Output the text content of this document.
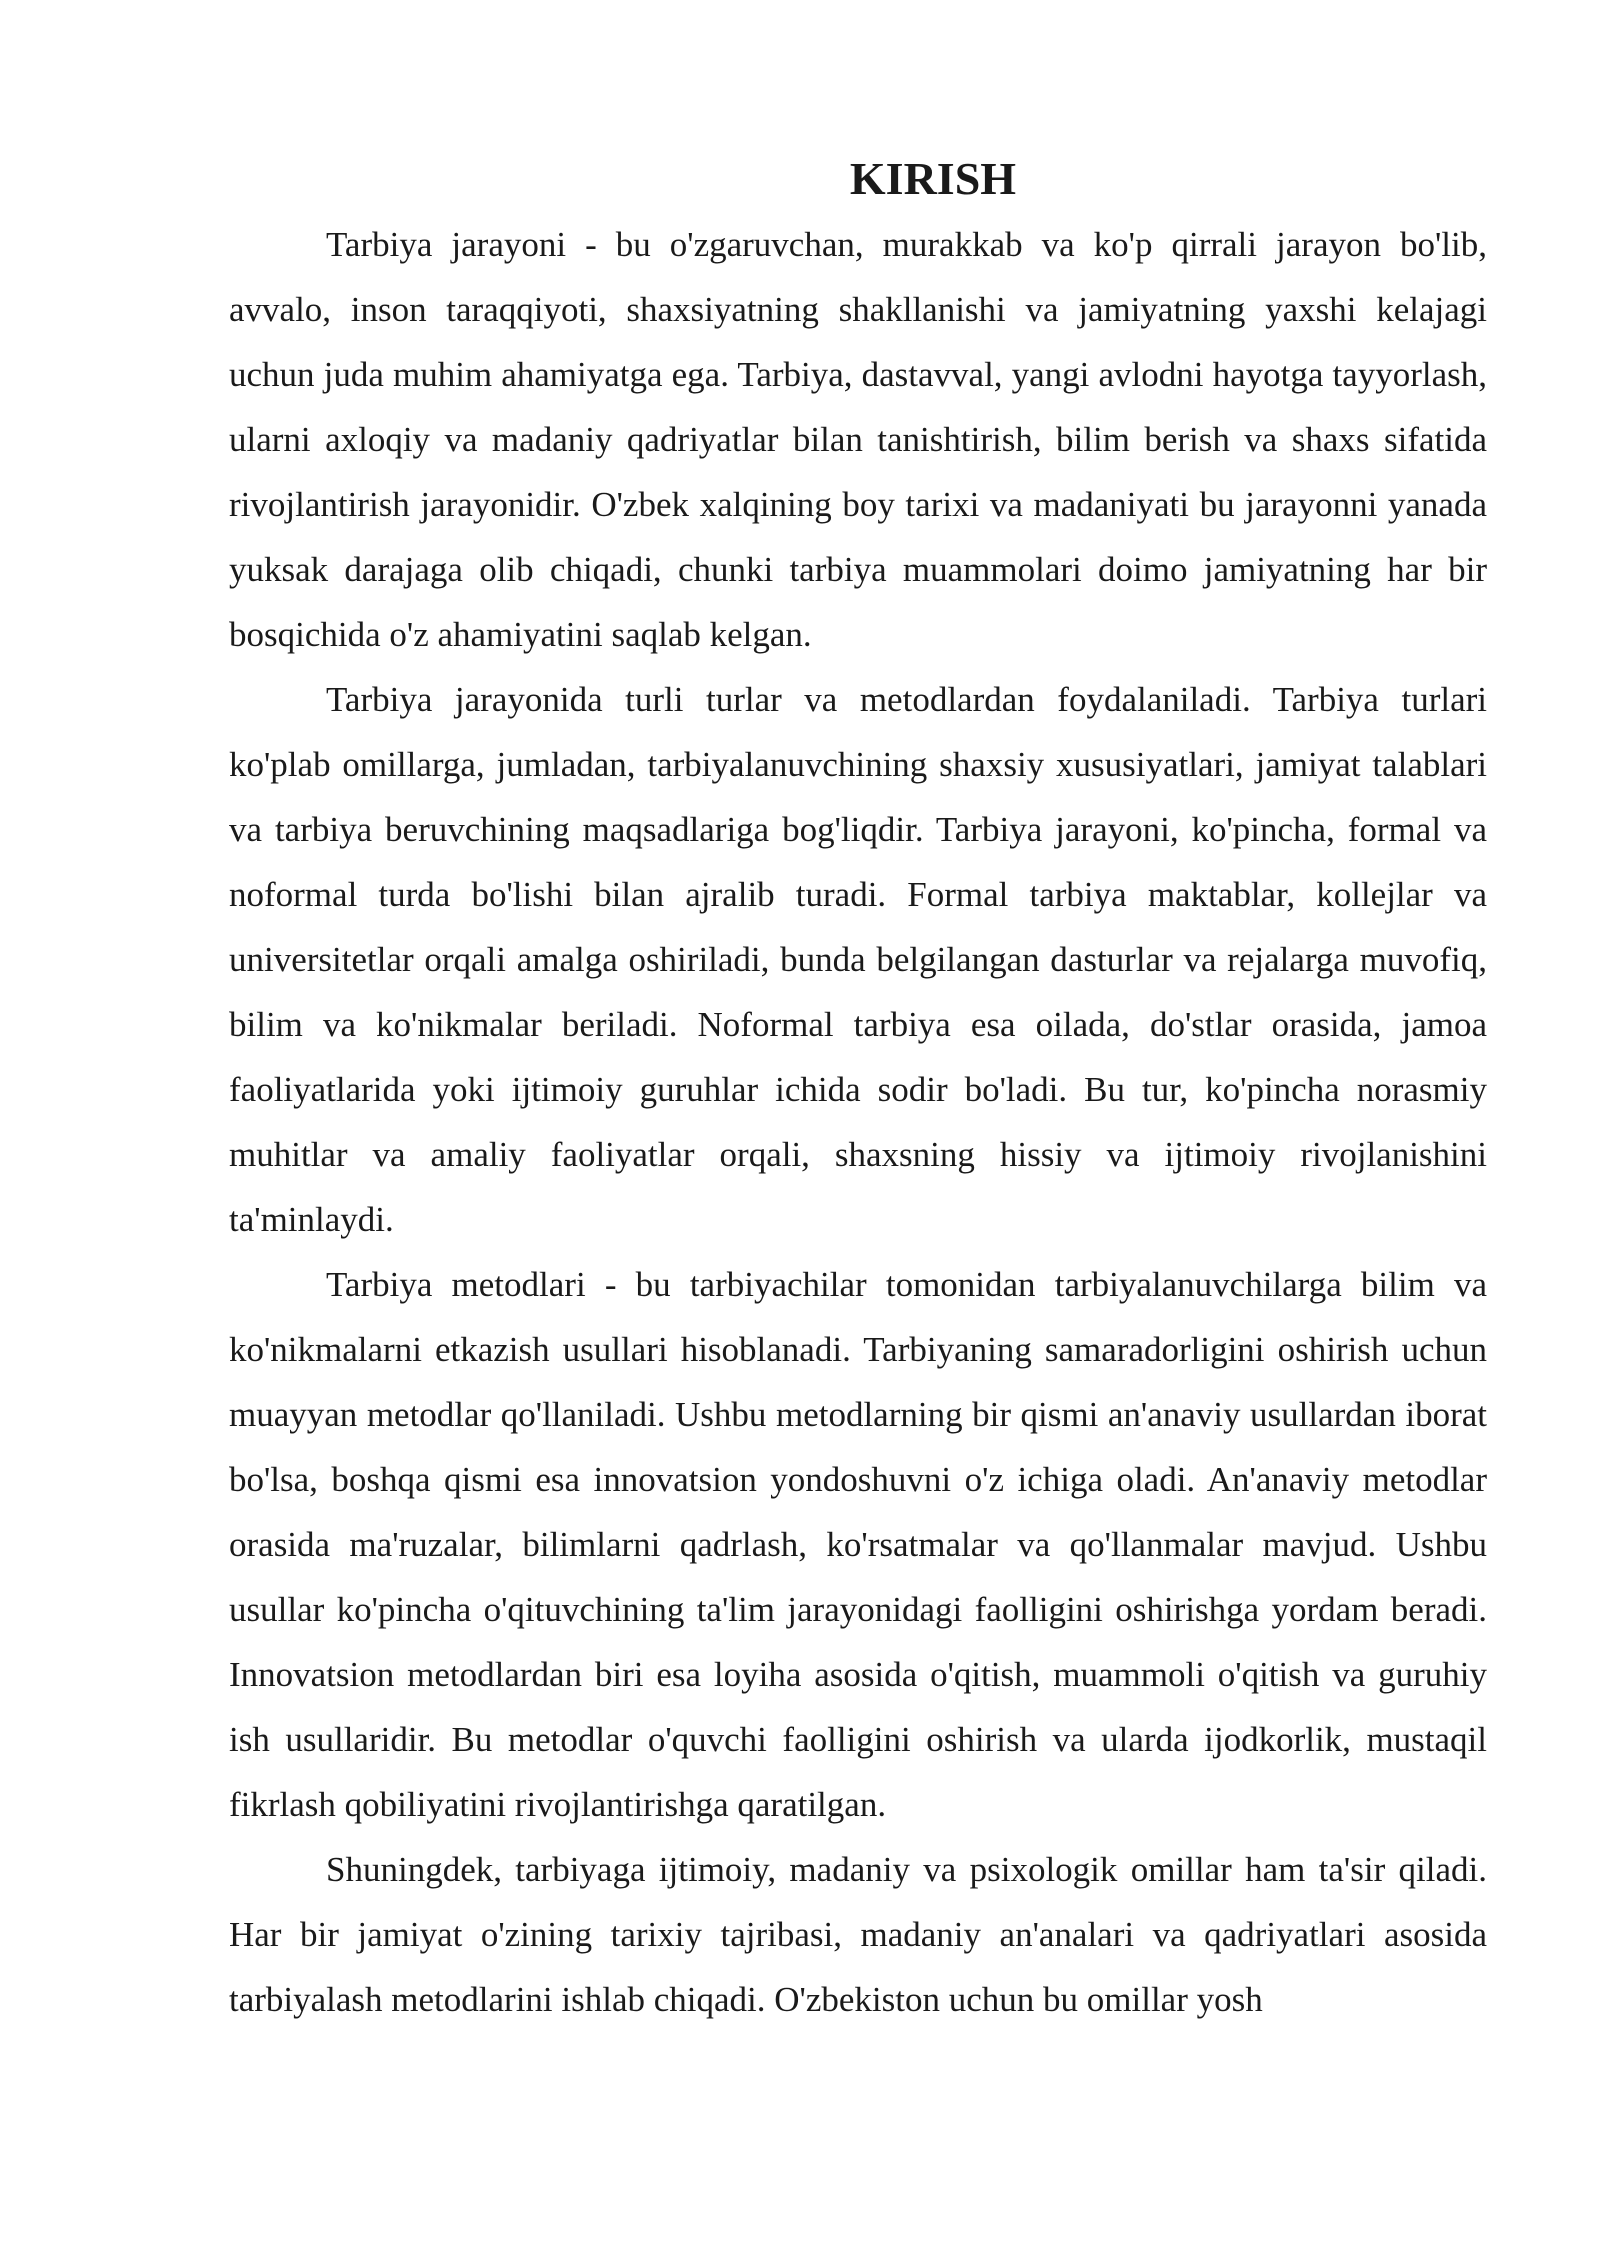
KIRISH

Tarbiya jarayoni - bu o'zgaruvchan, murakkab va ko'p qirrali jarayon bo'lib, avvalo, inson taraqqiyoti, shaxsiyatning shakllanishi va jamiyatning yaxshi kelajagi uchun juda muhim ahamiyatga ega. Tarbiya, dastavval, yangi avlodni hayotga tayyorlash, ularni axloqiy va madaniy qadriyatlar bilan tanishtirish, bilim berish va shaxs sifatida rivojlantirish jarayonidir. O'zbek xalqining boy tarixi va madaniyati bu jarayonni yanada yuksak darajaga olib chiqadi, chunki tarbiya muammolari doimo jamiyatning har bir bosqichida o'z ahamiyatini saqlab kelgan.

Tarbiya jarayonida turli turlar va metodlardan foydalaniladi. Tarbiya turlari ko'plab omillarga, jumladan, tarbiyalanuvchining shaxsiy xususiyatlari, jamiyat talablari va tarbiya beruvchining maqsadlariga bog'liqdir. Tarbiya jarayoni, ko'pincha, formal va noformal turda bo'lishi bilan ajralib turadi. Formal tarbiya maktablar, kollejlar va universitetlar orqali amalga oshiriladi, bunda belgilangan dasturlar va rejalarga muvofiq, bilim va ko'nikmalar beriladi. Noformal tarbiya esa oilada, do'stlar orasida, jamoa faoliyatlarida yoki ijtimoiy guruhlar ichida sodir bo'ladi. Bu tur, ko'pincha norasmiy muhitlar va amaliy faoliyatlar orqali, shaxsning hissiy va ijtimoiy rivojlanishini ta'minlaydi.

Tarbiya metodlari - bu tarbiyachilar tomonidan tarbiyalanuvchilarga bilim va ko'nikmalarni etkazish usullari hisoblanadi. Tarbiyaning samaradorligini oshirish uchun muayyan metodlar qo'llaniladi. Ushbu metodlarning bir qismi an'anaviy usullardan iborat bo'lsa, boshqa qismi esa innovatsion yondoshuvni o'z ichiga oladi. An'anaviy metodlar orasida ma'ruzalar, bilimlarni qadrlash, ko'rsatmalar va qo'llanmalar mavjud. Ushbu usullar ko'pincha o'qituvchining ta'lim jarayonidagi faolligini oshirishga yordam beradi. Innovatsion metodlardan biri esa loyiha asosida o'qitish, muammoli o'qitish va guruhiy ish usullaridir. Bu metodlar o'quvchi faolligini oshirish va ularda ijodkorlik, mustaqil fikrlash qobiliyatini rivojlantirishga qaratilgan.

Shuningdek, tarbiyaga ijtimoiy, madaniy va psixologik omillar ham ta'sir qiladi. Har bir jamiyat o'zining tarixiy tajribasi, madaniy an'analari va qadriyatlari asosida tarbiyalash metodlarini ishlab chiqadi. O'zbekiston uchun bu omillar yosh
